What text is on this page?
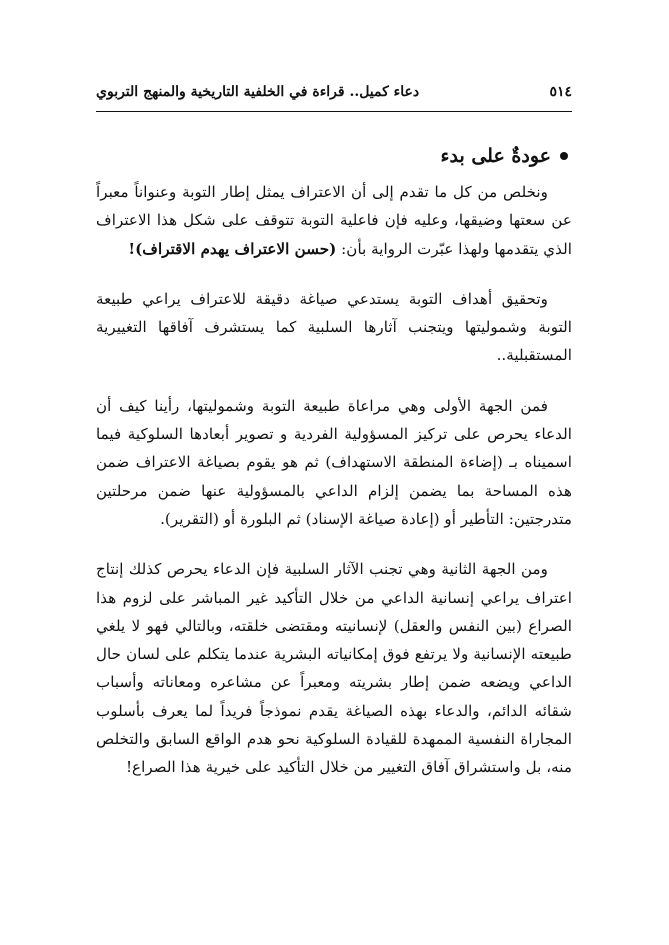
٥١٤
دعاء كميل.. قراءة في الخلفية التاريخية والمنهج التربوي
عودةٌ على بدء

ونخلص من كل ما تقدم إلى أن الاعتراف يمثل إطار التوبة وعنواناً معبراً عن سعتها وضيقها، وعليه فإن فاعلية التوبة تتوقف على شكل هذا الاعتراف الذي يتقدمها ولهذا عبّرت الرواية بأن: (حسن الاعتراف يهدم الاقتراف)!

وتحقيق أهداف التوبة يستدعي صياغة دقيقة للاعتراف يراعي طبيعة التوبة وشموليتها ويتجنب آثارها السلبية كما يستشرف آفاقها التغييرية المستقبلية..

فمن الجهة الأولى وهي مراعاة طبيعة التوبة وشموليتها، رأينا كيف أن الدعاء يحرص على تركيز المسؤولية الفردية و تصوير أبعادها السلوكية فيما اسميناه بـ (إضاءة المنطقة الاستهداف) ثم هو يقوم بصياغة الاعتراف ضمن هذه المساحة بما يضمن إلزام الداعي بالمسؤولية عنها ضمن مرحلتين متدرجتين: التأطير أو (إعادة صياغة الإسناد) ثم البلورة أو (التقرير).

ومن الجهة الثانية وهي تجنب الآثار السلبية فإن الدعاء يحرص كذلك إنتاج اعتراف يراعي إنسانية الداعي من خلال التأكيد غير المباشر على لزوم هذا الصراع (بين النفس والعقل) لإنسانيته ومقتضى خلقته، وبالتالي فهو لا يلغي طبيعته الإنسانية ولا يرتفع فوق إمكانياته البشرية عندما يتكلم على لسان حال الداعي ويضعه ضمن إطار بشريته ومعبراً عن مشاعره ومعاناته وأسباب شقائه الدائم، والدعاء بهذه الصياغة يقدم نموذجاً فريداً لما يعرف بأسلوب المجاراة النفسية الممهدة للقيادة السلوكية نحو هدم الواقع السابق والتخلص منه، بل واستشراق آفاق التغيير من خلال التأكيد على خيرية هذا الصراع!
